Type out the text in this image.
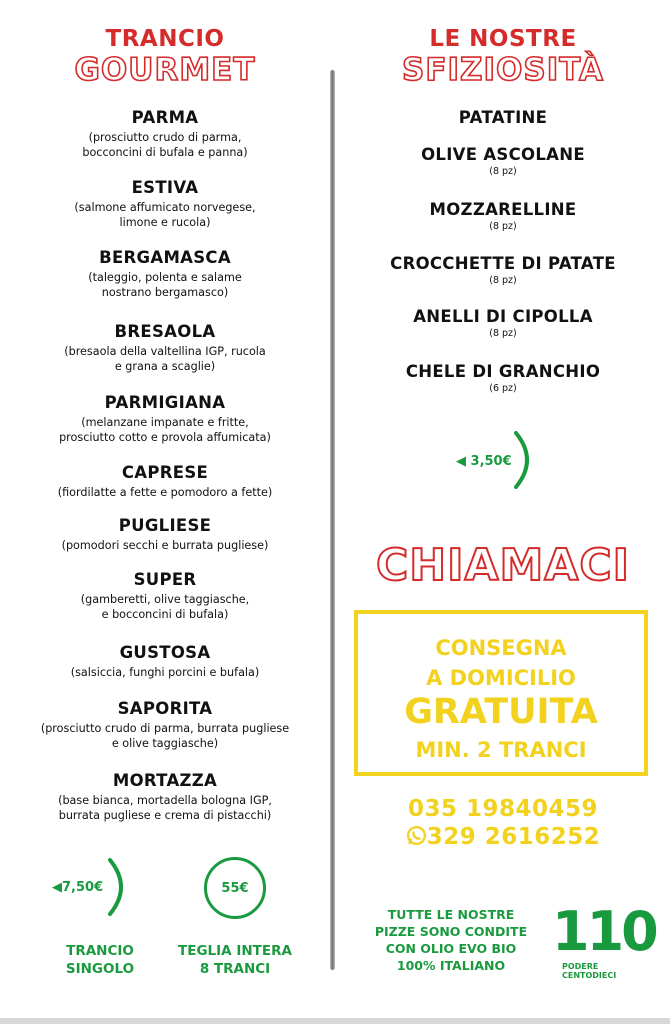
TRANCIO
GOURMET
PARMA
(prosciutto crudo di parma,
bocconcini di bufala e panna)
ESTIVA
(salmone affumicato norvegese,
limone e rucola)
BERGAMASCA
(taleggio, polenta e salame
nostrano bergamasco)
BRESAOLA
(bresaola della valtellina IGP, rucola
e grana a scaglie)
PARMIGIANA
(melanzane impanate e fritte,
prosciutto cotto e provola affumicata)
CAPRESE
(fiordilatte a fette e pomodoro a fette)
PUGLIESE
(pomodori secchi e burrata pugliese)
SUPER
(gamberetti, olive taggiasche,
e bocconcini di bufala)
GUSTOSA
(salsiccia, funghi porcini e bufala)
SAPORITA
(prosciutto crudo di parma, burrata pugliese
e olive taggiasche)
MORTAZZA
(base bianca, mortadella bologna IGP,
burrata pugliese e crema di pistacchi)
◀7,50€	55€
TRANCIO
SINGOLO
TEGLIA INTERA
8 TRANCI
LE NOSTRE
SFIZIOSITÀ
PATATINE
OLIVE ASCOLANE
(8 pz)
MOZZARELLINE
(8 pz)
CROCCHETTE DI PATATE
(8 pz)
ANELLI DI CIPOLLA
(8 pz)
CHELE DI GRANCHIO
(6 pz)
◀ 3,50€
CHIAMACI
CONSEGNA
A DOMICILIO
GRATUITA
MIN. 2 TRANCI
035 19840459
329 2616252
TUTTE LE NOSTRE
PIZZE SONO CONDITE
CON OLIO EVO BIO
100% ITALIANO
110
PODERE
CENTODIECI
